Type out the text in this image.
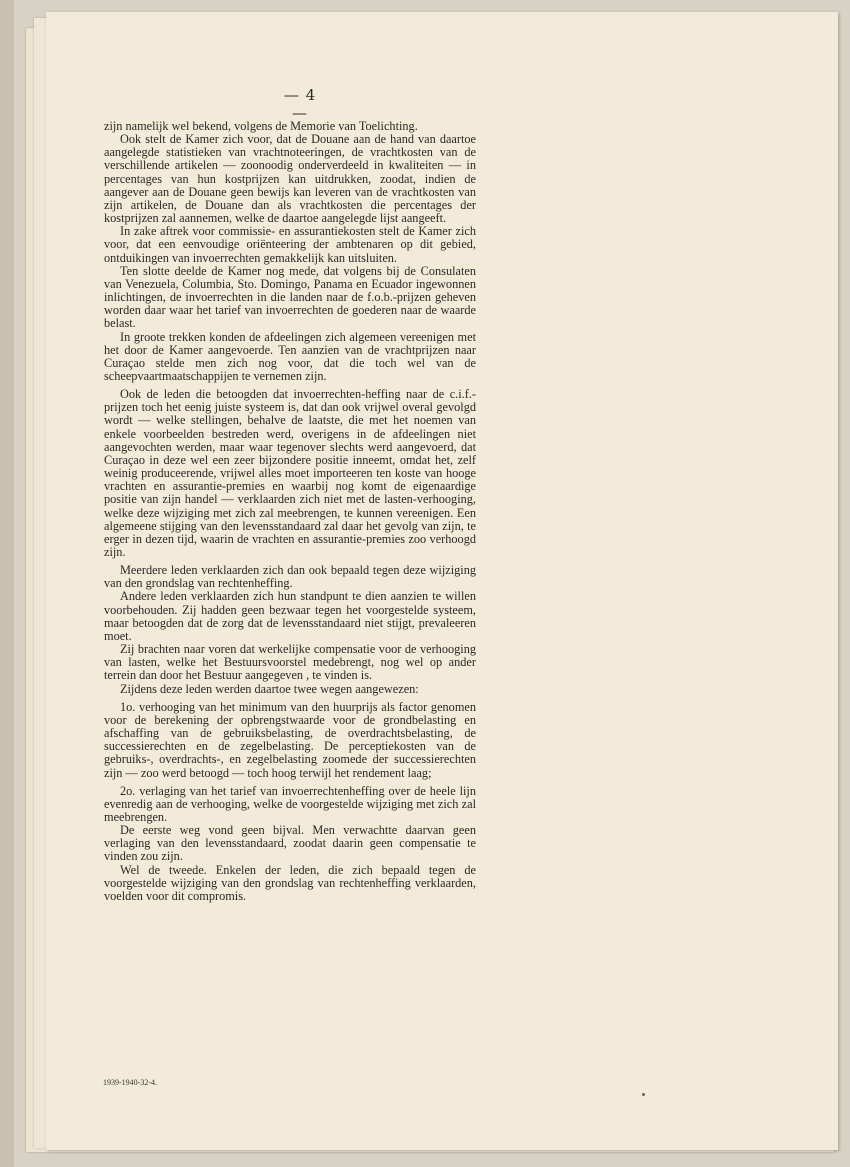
— 4 —

zijn namelijk wel bekend, volgens de Memorie van Toelichting.

Ook stelt de Kamer zich voor, dat de Douane aan de hand van daartoe aangelegde statistieken van vrachtnoteeringen, de vrachtkosten van de verschillende artikelen — zoonoodig onderverdeeld in kwaliteiten — in percentages van hun kostprijzen kan uitdrukken, zoodat, indien de aangever aan de Douane geen bewijs kan leveren van de vrachtkosten van zijn artikelen, de Douane dan als vrachtkosten die percentages der kostprijzen zal aannemen, welke de daartoe aangelegde lijst aangeeft.

In zake aftrek voor commissie- en assurantiekosten stelt de Kamer zich voor, dat een eenvoudige oriënteering der ambtenaren op dit gebied, ontduikingen van invoerrechten gemakkelijk kan uitsluiten.

Ten slotte deelde de Kamer nog mede, dat volgens bij de Consulaten van Venezuela, Columbia, Sto. Domingo, Panama en Ecuador ingewonnen inlichtingen, de invoerrechten in die landen naar de f.o.b.-prijzen geheven worden daar waar het tarief van invoerrechten de goederen naar de waarde belast.

In groote trekken konden de afdeelingen zich algemeen vereenigen met het door de Kamer aangevoerde. Ten aanzien van de vrachtprijzen naar Curaçao stelde men zich nog voor, dat die toch wel van de scheepvaartmaatschappijen te vernemen zijn.

Ook de leden die betoogden dat invoerrechten-heffing naar de c.i.f.-prijzen toch het eenig juiste systeem is, dat dan ook vrijwel overal gevolgd wordt — welke stellingen, behalve de laatste, die met het noemen van enkele voorbeelden bestreden werd, overigens in de afdeelingen niet aangevochten werden, maar waar tegenover slechts werd aangevoerd, dat Curaçao in deze wel een zeer bijzondere positie inneemt, omdat het, zelf weinig produceerende, vrijwel alles moet importeeren ten koste van hooge vrachten en assurantie-premies en waarbij nog komt de eigenaardige positie van zijn handel — verklaarden zich niet met de lasten-verhooging, welke deze wijziging met zich zal meebrengen, te kunnen vereenigen. Een algemeene stijging van den levensstandaard zal daar het gevolg van zijn, te erger in dezen tijd, waarin de vrachten en assurantie-premies zoo verhoogd zijn.

Meerdere leden verklaarden zich dan ook bepaald tegen deze wijziging van den grondslag van rechtenheffing.

Andere leden verklaarden zich hun standpunt te dien aanzien te willen voorbehouden. Zij hadden geen bezwaar tegen het voorgestelde systeem, maar betoogden dat de zorg dat de levensstandaard niet stijgt, prevaleeren moet.

Zij brachten naar voren dat werkelijke compensatie voor de verhooging van lasten, welke het Bestuursvoorstel medebrengt, nog wel op ander terrein dan door het Bestuur aangegeven , te vinden is.

Zijdens deze leden werden daartoe twee wegen aangewezen:

1o. verhooging van het minimum van den huurprijs als factor genomen voor de berekening der opbrengstwaarde voor de grondbelasting en afschaffing van de gebruiksbelasting, de overdrachtsbelasting, de successierechten en de zegelbelasting. De perceptiekosten van de gebruiks-, overdrachts-, en zegelbelasting zoomede der successierechten zijn — zoo werd betoogd — toch hoog terwijl het rendement laag;

2o. verlaging van het tarief van invoerrechtenheffing over de heele lijn evenredig aan de verhooging, welke de voorgestelde wijziging met zich zal meebrengen.

De eerste weg vond geen bijval. Men verwachtte daarvan geen verlaging van den levensstandaard, zoodat daarin geen compensatie te vinden zou zijn.

Wel de tweede. Enkelen der leden, die zich bepaald tegen de voorgestelde wijziging van den grondslag van rechtenheffing verklaarden, voelden voor dit compromis.

1939-1940-32-4.
